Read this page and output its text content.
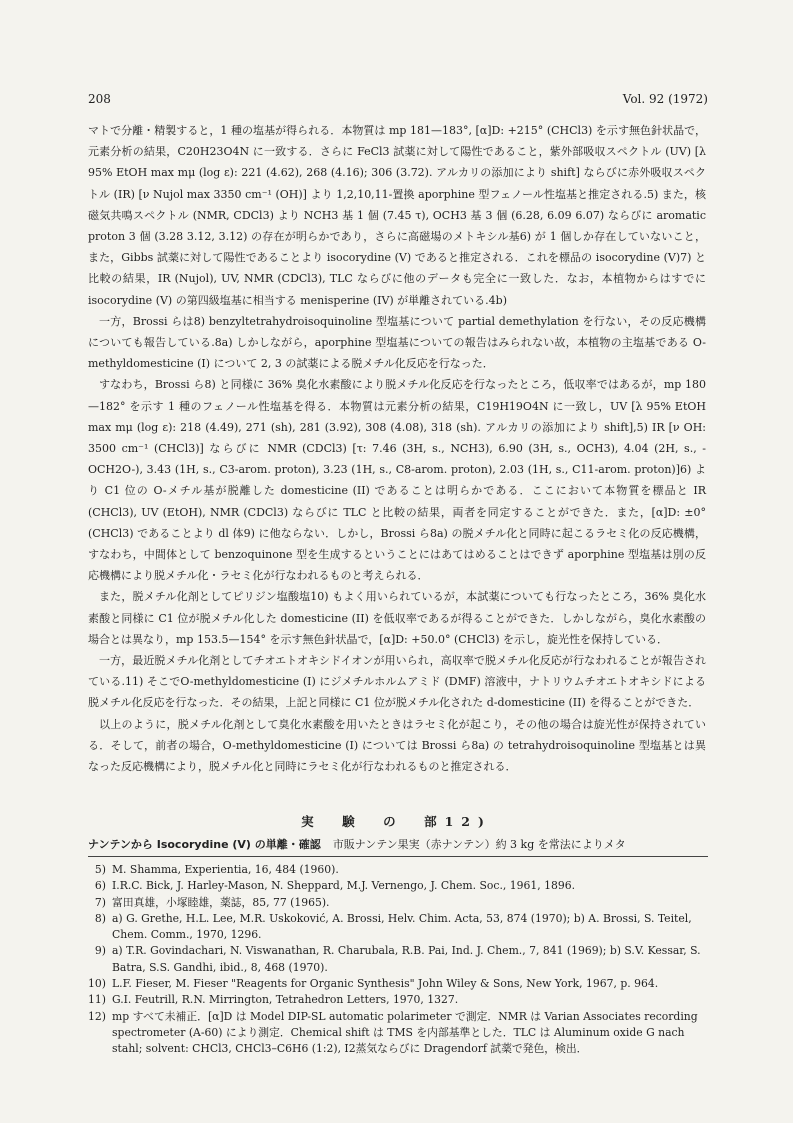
208	Vol. 92 (1972)

マトで分離・精製すると，1 種の塩基が得られる．本物質は mp 181—183°, [α]D: +215° (CHCl3) を示す無色針状晶で，元素分析の結果，C20H23O4N に一致する．さらに FeCl3 試薬に対して陽性であること，紫外部吸収スペクトル (UV) [λ 95% EtOH max mμ (log ε): 221 (4.62), 268 (4.16); 306 (3.72). アルカリの添加により shift] ならびに赤外吸収スペクトル (IR) [ν Nujol max 3350 cm⁻¹ (OH)] より 1,2,10,11-置換 aporphine 型フェノール性塩基と推定される.5) また，核磁気共鳴スペクトル (NMR, CDCl3) より NCH3 基 1 個 (7.45 τ), OCH3 基 3 個 (6.28, 6.09 6.07) ならびに aromatic proton 3 個 (3.28 3.12, 3.12) の存在が明らかであり，さらに高磁場のメトキシル基6) が 1 個しか存在していないこと，また，Gibbs 試薬に対して陽性であることより isocorydine (V) であると推定される．これを標品の isocorydine (V)7) と比較の結果，IR (Nujol), UV, NMR (CDCl3), TLC ならびに他のデータも完全に一致した．なお，本植物からはすでに isocorydine (V) の第四級塩基に相当する menisperine (IV) が単離されている.4b)

一方，Brossi らは8) benzyltetrahydroisoquinoline 型塩基について partial demethylation を行ない，その反応機構についても報告している.8a) しかしながら，aporphine 型塩基についての報告はみられない故，本植物の主塩基である O-methyldomesticine (I) について 2, 3 の試薬による脱メチル化反応を行なった．

すなわち，Brossi ら8) と同様に 36% 臭化水素酸により脱メチル化反応を行なったところ，低収率ではあるが，mp 180—182° を示す 1 種のフェノール性塩基を得る．本物質は元素分析の結果，C19H19O4N に一致し，UV [λ 95% EtOH max mμ (log ε): 218 (4.49), 271 (sh), 281 (3.92), 308 (4.08), 318 (sh). アルカリの添加により shift],5) IR [ν OH: 3500 cm⁻¹ (CHCl3)] ならびに NMR (CDCl3) [τ: 7.46 (3H, s., NCH3), 6.90 (3H, s., OCH3), 4.04 (2H, s., -OCH2O-), 3.43 (1H, s., C3-arom. proton), 3.23 (1H, s., C8-arom. proton), 2.03 (1H, s., C11-arom. proton)]6) より C1 位の O-メチル基が脱離した domesticine (II) であることは明らかである．ここにおいて本物質を標品と IR (CHCl3), UV (EtOH), NMR (CDCl3) ならびに TLC と比較の結果，両者を同定することができた．また，[α]D: ±0° (CHCl3) であることより dl 体9) に他ならない．しかし，Brossi ら8a) の脱メチル化と同時に起こるラセミ化の反応機構，すなわち，中間体として benzoquinone 型を生成するということにはあてはめることはできず aporphine 型塩基は別の反応機構により脱メチル化・ラセミ化が行なわれるものと考えられる．

また，脱メチル化剤としてピリジン塩酸塩10) もよく用いられているが，本試薬についても行なったところ，36% 臭化水素酸と同様に C1 位が脱メチル化した domesticine (II) を低収率であるが得ることができた．しかしながら，臭化水素酸の場合とは異なり，mp 153.5—154° を示す無色針状晶で，[α]D: +50.0° (CHCl3) を示し，旋光性を保持している．

一方，最近脱メチル化剤としてチオエトオキシドイオンが用いられ，高収率で脱メチル化反応が行なわれることが報告されている.11) そこでO-methyldomesticine (I) にジメチルホルムアミド (DMF) 溶液中，ナトリウムチオエトオキシドによる脱メチル化反応を行なった．その結果，上記と同様に C1 位が脱メチル化された d-domesticine (II) を得ることができた．

以上のように，脱メチル化剤として臭化水素酸を用いたときはラセミ化が起こり，その他の場合は旋光性が保持されている．そして，前者の場合，O-methyldomesticine (I) については Brossi ら8a) の tetrahydroisoquinoline 型塩基とは異なった反応機構により，脱メチル化と同時にラセミ化が行なわれるものと推定される．

実　験　の　部12)
ナンテンから Isocorydine (V) の単離・確認 市販ナンテン果実（赤ナンテン）約 3 kg を常法によりメタ
5) M. Shamma, Experientia, 16, 484 (1960).
6) I.R.C. Bick, J. Harley-Mason, N. Sheppard, M.J. Vernengo, J. Chem. Soc., 1961, 1896.
7) 富田真雄，小塚睦雄，薬誌，85, 77 (1965).
8) a) G. Grethe, H.L. Lee, M.R. Uskoković, A. Brossi, Helv. Chim. Acta, 53, 874 (1970); b) A. Brossi, S. Teitel, Chem. Comm., 1970, 1296.
9) a) T.R. Govindachari, N. Viswanathan, R. Charubala, R.B. Pai, Ind. J. Chem., 7, 841 (1969); b) S.V. Kessar, S. Batra, S.S. Gandhi, ibid., 8, 468 (1970).
10) L.F. Fieser, M. Fieser "Reagents for Organic Synthesis" John Wiley & Sons, New York, 1967, p. 964.
11) G.I. Feutrill, R.N. Mirrington, Tetrahedron Letters, 1970, 1327.
12) mp すべて未補正．[α]D は Model DIP-SL automatic polarimeter で測定．NMR は Varian Associates recording spectrometer (A-60) により測定．Chemical shift は TMS を内部基準とした．TLC は Aluminum oxide G nach stahl; solvent: CHCl3, CHCl3–C6H6 (1:2), I2蒸気ならびに Dragendorf 試薬で発色，検出．
